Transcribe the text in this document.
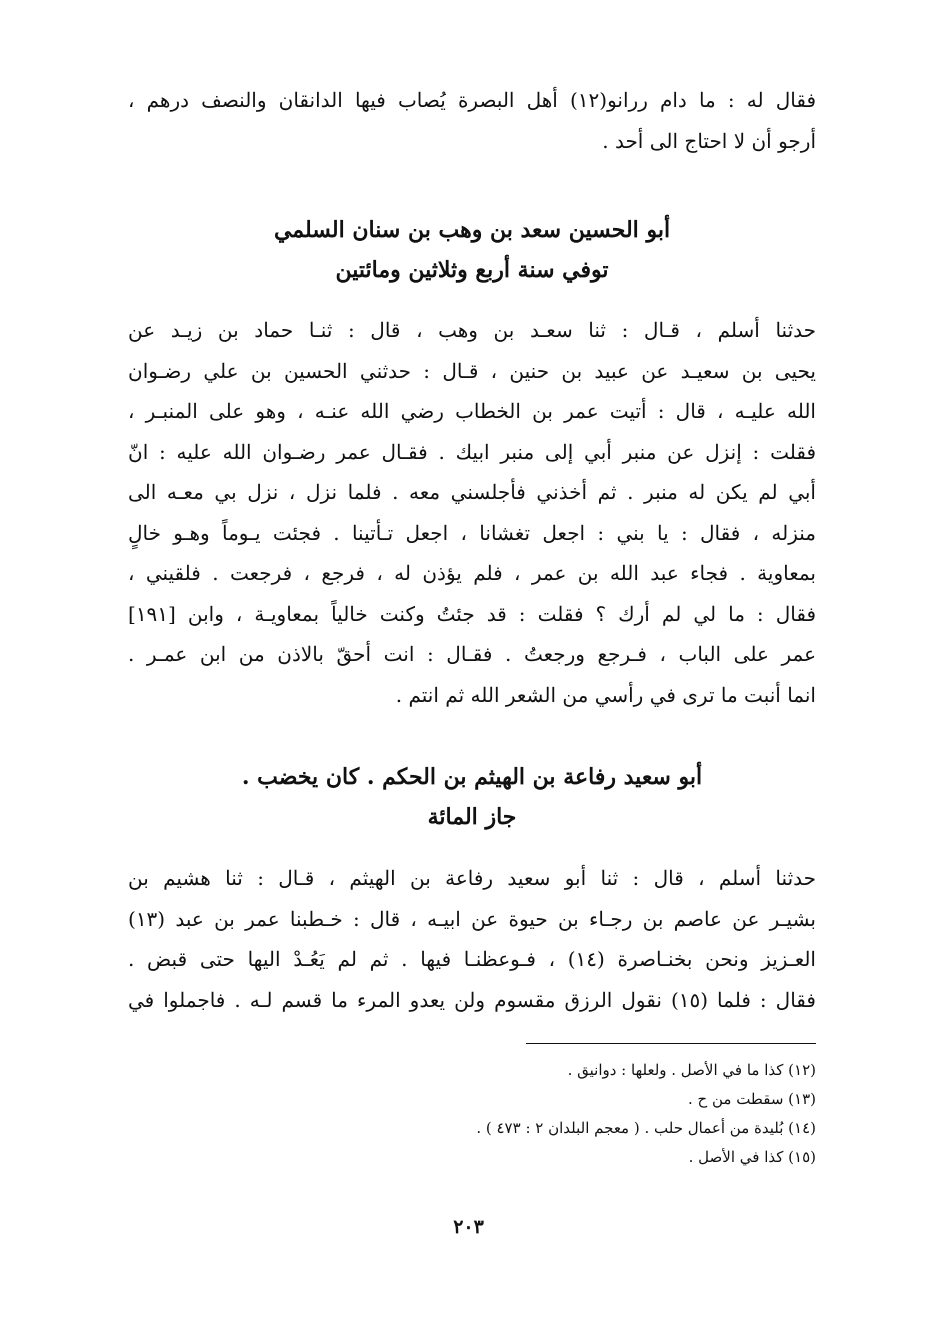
فقال له : ما دام ررانو(١٢) أهل البصرة يُصاب فيها الدانقان والنصف درهم ،
أرجو أن لا احتاج الى أحد .
أبو الحسين سعد بن وهب بن سنان السلمي
توفي سنة أربع وثلاثين ومائتين
حدثنا أسلم ، قـال : ثنا سعـد بن وهب ، قال : ثنـا حماد بن زيـد عن
يحيى بن سعيـد عن عبيد بن حنين ، قـال : حدثني الحسين بن علي رضـوان
الله عليـه ، قال : أتيت عمر بن الخطاب رضي الله عنـه ، وهو على المنبـر ،
فقلت : إنزل عن منبر أبي إلى منبر ابيك . فقـال عمر رضـوان الله عليه : انّ
أبي لم يكن له منبر . ثم أخذني فأجلسني معه . فلما نزل ، نزل بي معـه الى
منزله ، فقال : يا بني : اجعل تغشانا ، اجعل تـأتينا . فجئت يـوماً وهـو خالٍ
بمعاوية . فجاء عبد الله بن عمر ، فلم يؤذن له ، فرجع ، فرجعت . فلقيني ،
فقال : ما لي لم أرك ؟ فقلت : قد جئتُ وكنت خالياً بمعاويـة ، وابن [١٩١]
عمر على الباب ، فـرجع ورجعتُ . فقـال : انت أحقّ بالاذن من ابن عمـر .
انما أنبت ما ترى في رأسي من الشعر الله ثم انتم .
أبو سعيد رفاعة بن الهيثم بن الحكم . كان يخضب .
جاز المائة
حدثنا أسلم ، قال : ثنا أبو سعيد رفاعة بن الهيثم ، قـال : ثنا هشيم بن
بشيـر عن عاصم بن رجـاء بن حيوة عن ابيـه ، قال : خـطبنا عمر بن عبد (١٣)
العـزيز ونحن بخنـاصرة (١٤) ، فـوعظنـا فيها . ثم لم يَعُـدْ اليها حتى قبض .
فقال : فلما (١٥) نقول الرزق مقسوم ولن يعدو المرء ما قسم لـه . فاجملوا في
(١٢) كذا ما في الأصل . ولعلها : دوانيق .
(١٣) سقطت من ح .
(١٤) بُليدة من أعمال حلب . ( معجم البلدان ٢ : ٤٧٣ ) .
(١٥) كذا في الأصل .
٢٠٣
